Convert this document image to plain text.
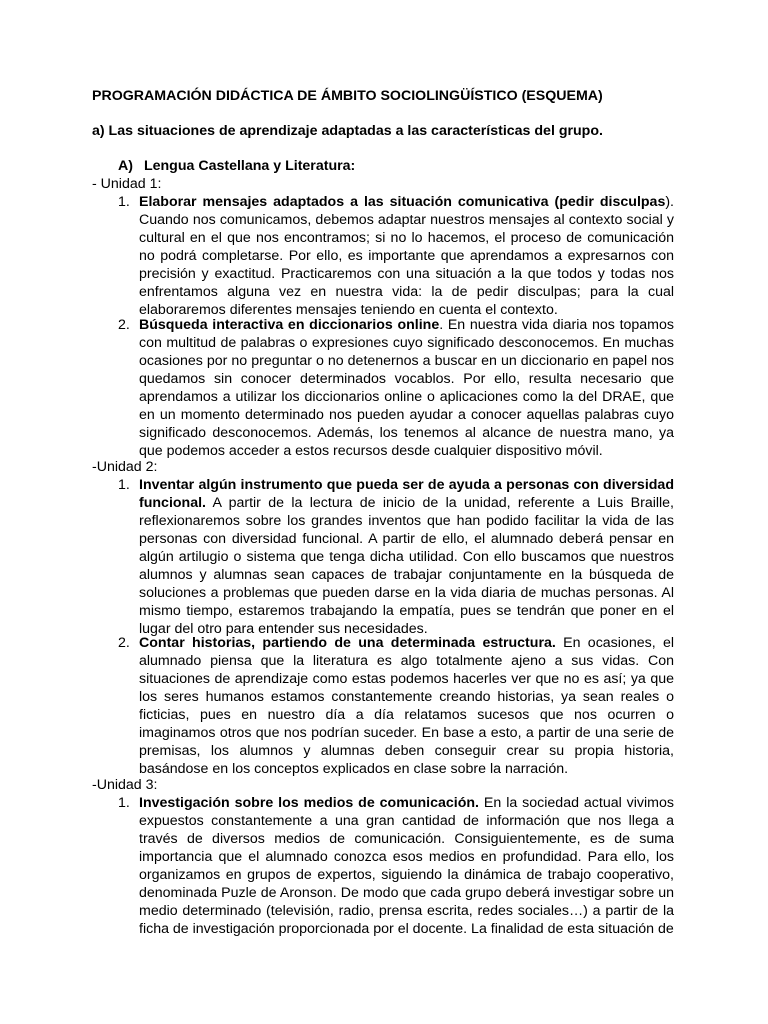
PROGRAMACIÓN DIDÁCTICA DE ÁMBITO SOCIOLINGÜÍSTICO (ESQUEMA)
a) Las situaciones de aprendizaje adaptadas a las características del grupo.
A) Lengua Castellana y Literatura:
- Unidad 1:
1. Elaborar mensajes adaptados a las situación comunicativa (pedir disculpas). Cuando nos comunicamos, debemos adaptar nuestros mensajes al contexto social y cultural en el que nos encontramos; si no lo hacemos, el proceso de comunicación no podrá completarse. Por ello, es importante que aprendamos a expresarnos con precisión y exactitud. Practicaremos con una situación a la que todos y todas nos enfrentamos alguna vez en nuestra vida: la de pedir disculpas; para la cual elaboraremos diferentes mensajes teniendo en cuenta el contexto.
2. Búsqueda interactiva en diccionarios online. En nuestra vida diaria nos topamos con multitud de palabras o expresiones cuyo significado desconocemos. En muchas ocasiones por no preguntar o no detenernos a buscar en un diccionario en papel nos quedamos sin conocer determinados vocablos. Por ello, resulta necesario que aprendamos a utilizar los diccionarios online o aplicaciones como la del DRAE, que en un momento determinado nos pueden ayudar a conocer aquellas palabras cuyo significado desconocemos. Además, los tenemos al alcance de nuestra mano, ya que podemos acceder a estos recursos desde cualquier dispositivo móvil.
-Unidad 2:
1. Inventar algún instrumento que pueda ser de ayuda a personas con diversidad funcional. A partir de la lectura de inicio de la unidad, referente a Luis Braille, reflexionaremos sobre los grandes inventos que han podido facilitar la vida de las personas con diversidad funcional. A partir de ello, el alumnado deberá pensar en algún artilugio o sistema que tenga dicha utilidad. Con ello buscamos que nuestros alumnos y alumnas sean capaces de trabajar conjuntamente en la búsqueda de soluciones a problemas que pueden darse en la vida diaria de muchas personas. Al mismo tiempo, estaremos trabajando la empatía, pues se tendrán que poner en el lugar del otro para entender sus necesidades.
2. Contar historias, partiendo de una determinada estructura. En ocasiones, el alumnado piensa que la literatura es algo totalmente ajeno a sus vidas. Con situaciones de aprendizaje como estas podemos hacerles ver que no es así; ya que los seres humanos estamos constantemente creando historias, ya sean reales o ficticias, pues en nuestro día a día relatamos sucesos que nos ocurren o imaginamos otros que nos podrían suceder. En base a esto, a partir de una serie de premisas, los alumnos y alumnas deben conseguir crear su propia historia, basándose en los conceptos explicados en clase sobre la narración.
-Unidad 3:
1. Investigación sobre los medios de comunicación. En la sociedad actual vivimos expuestos constantemente a una gran cantidad de información que nos llega a través de diversos medios de comunicación. Consiguientemente, es de suma importancia que el alumnado conozca esos medios en profundidad. Para ello, los organizamos en grupos de expertos, siguiendo la dinámica de trabajo cooperativo, denominada Puzle de Aronson. De modo que cada grupo deberá investigar sobre un medio determinado (televisión, radio, prensa escrita, redes sociales…) a partir de la ficha de investigación proporcionada por el docente. La finalidad de esta situación de
